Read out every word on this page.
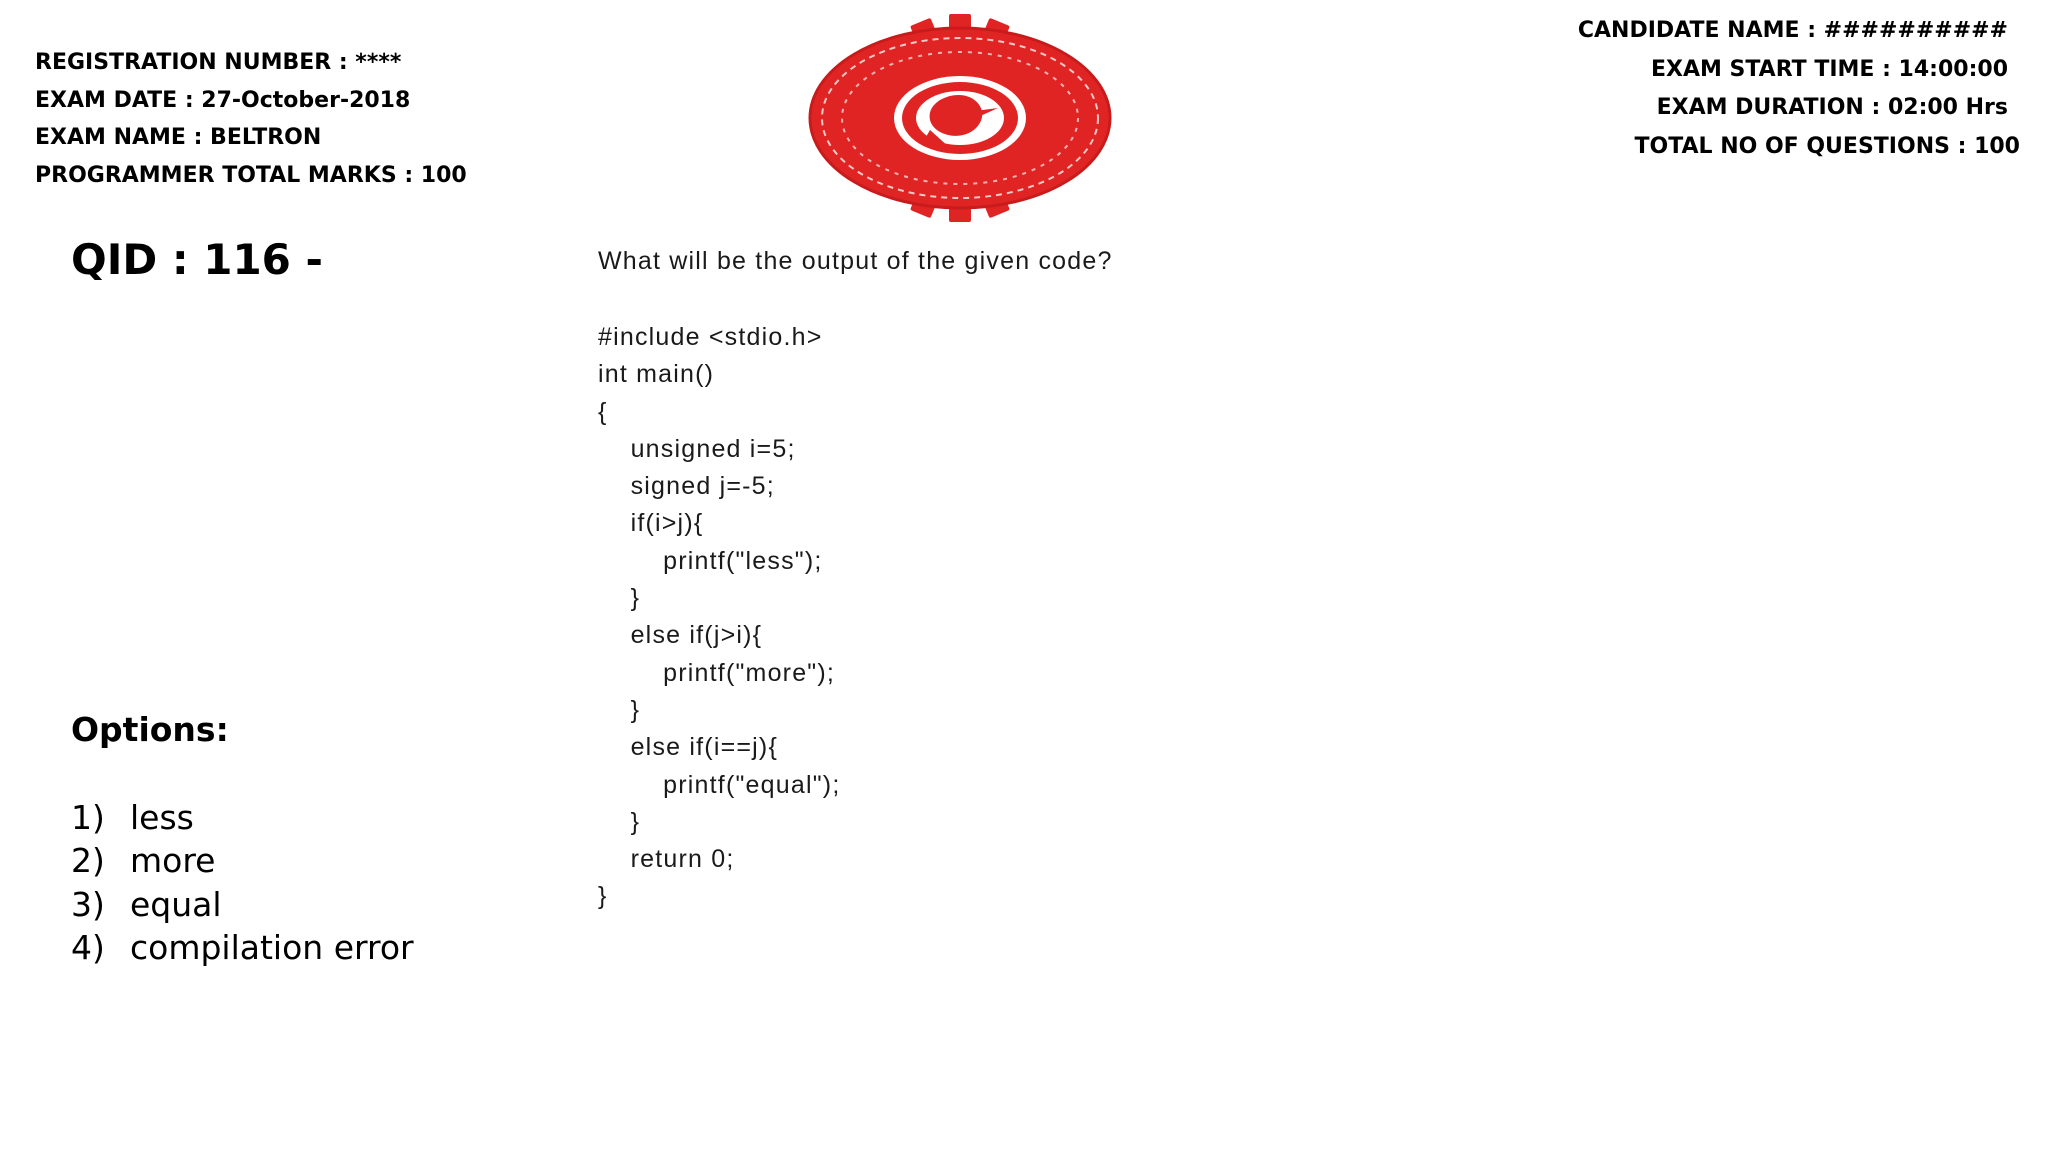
REGISTRATION NUMBER : ****
EXAM DATE : 27-October-2018
EXAM NAME : BELTRON
PROGRAMMER TOTAL MARKS : 100
CANDIDATE NAME : ##########
EXAM START TIME : 14:00:00
EXAM DURATION : 02:00 Hrs
TOTAL NO OF QUESTIONS : 100
QID : 116 -	What will be the output of the given code?
#include <stdio.h>
int main()
{
unsigned i=5;
signed j=-5;
if(i>j){
printf("less");
}
else if(j>i){
printf("more");
}
else if(i==j){
printf("equal");
}
return 0;
}
Options:
1) less
2) more
3) equal
4) compilation error
